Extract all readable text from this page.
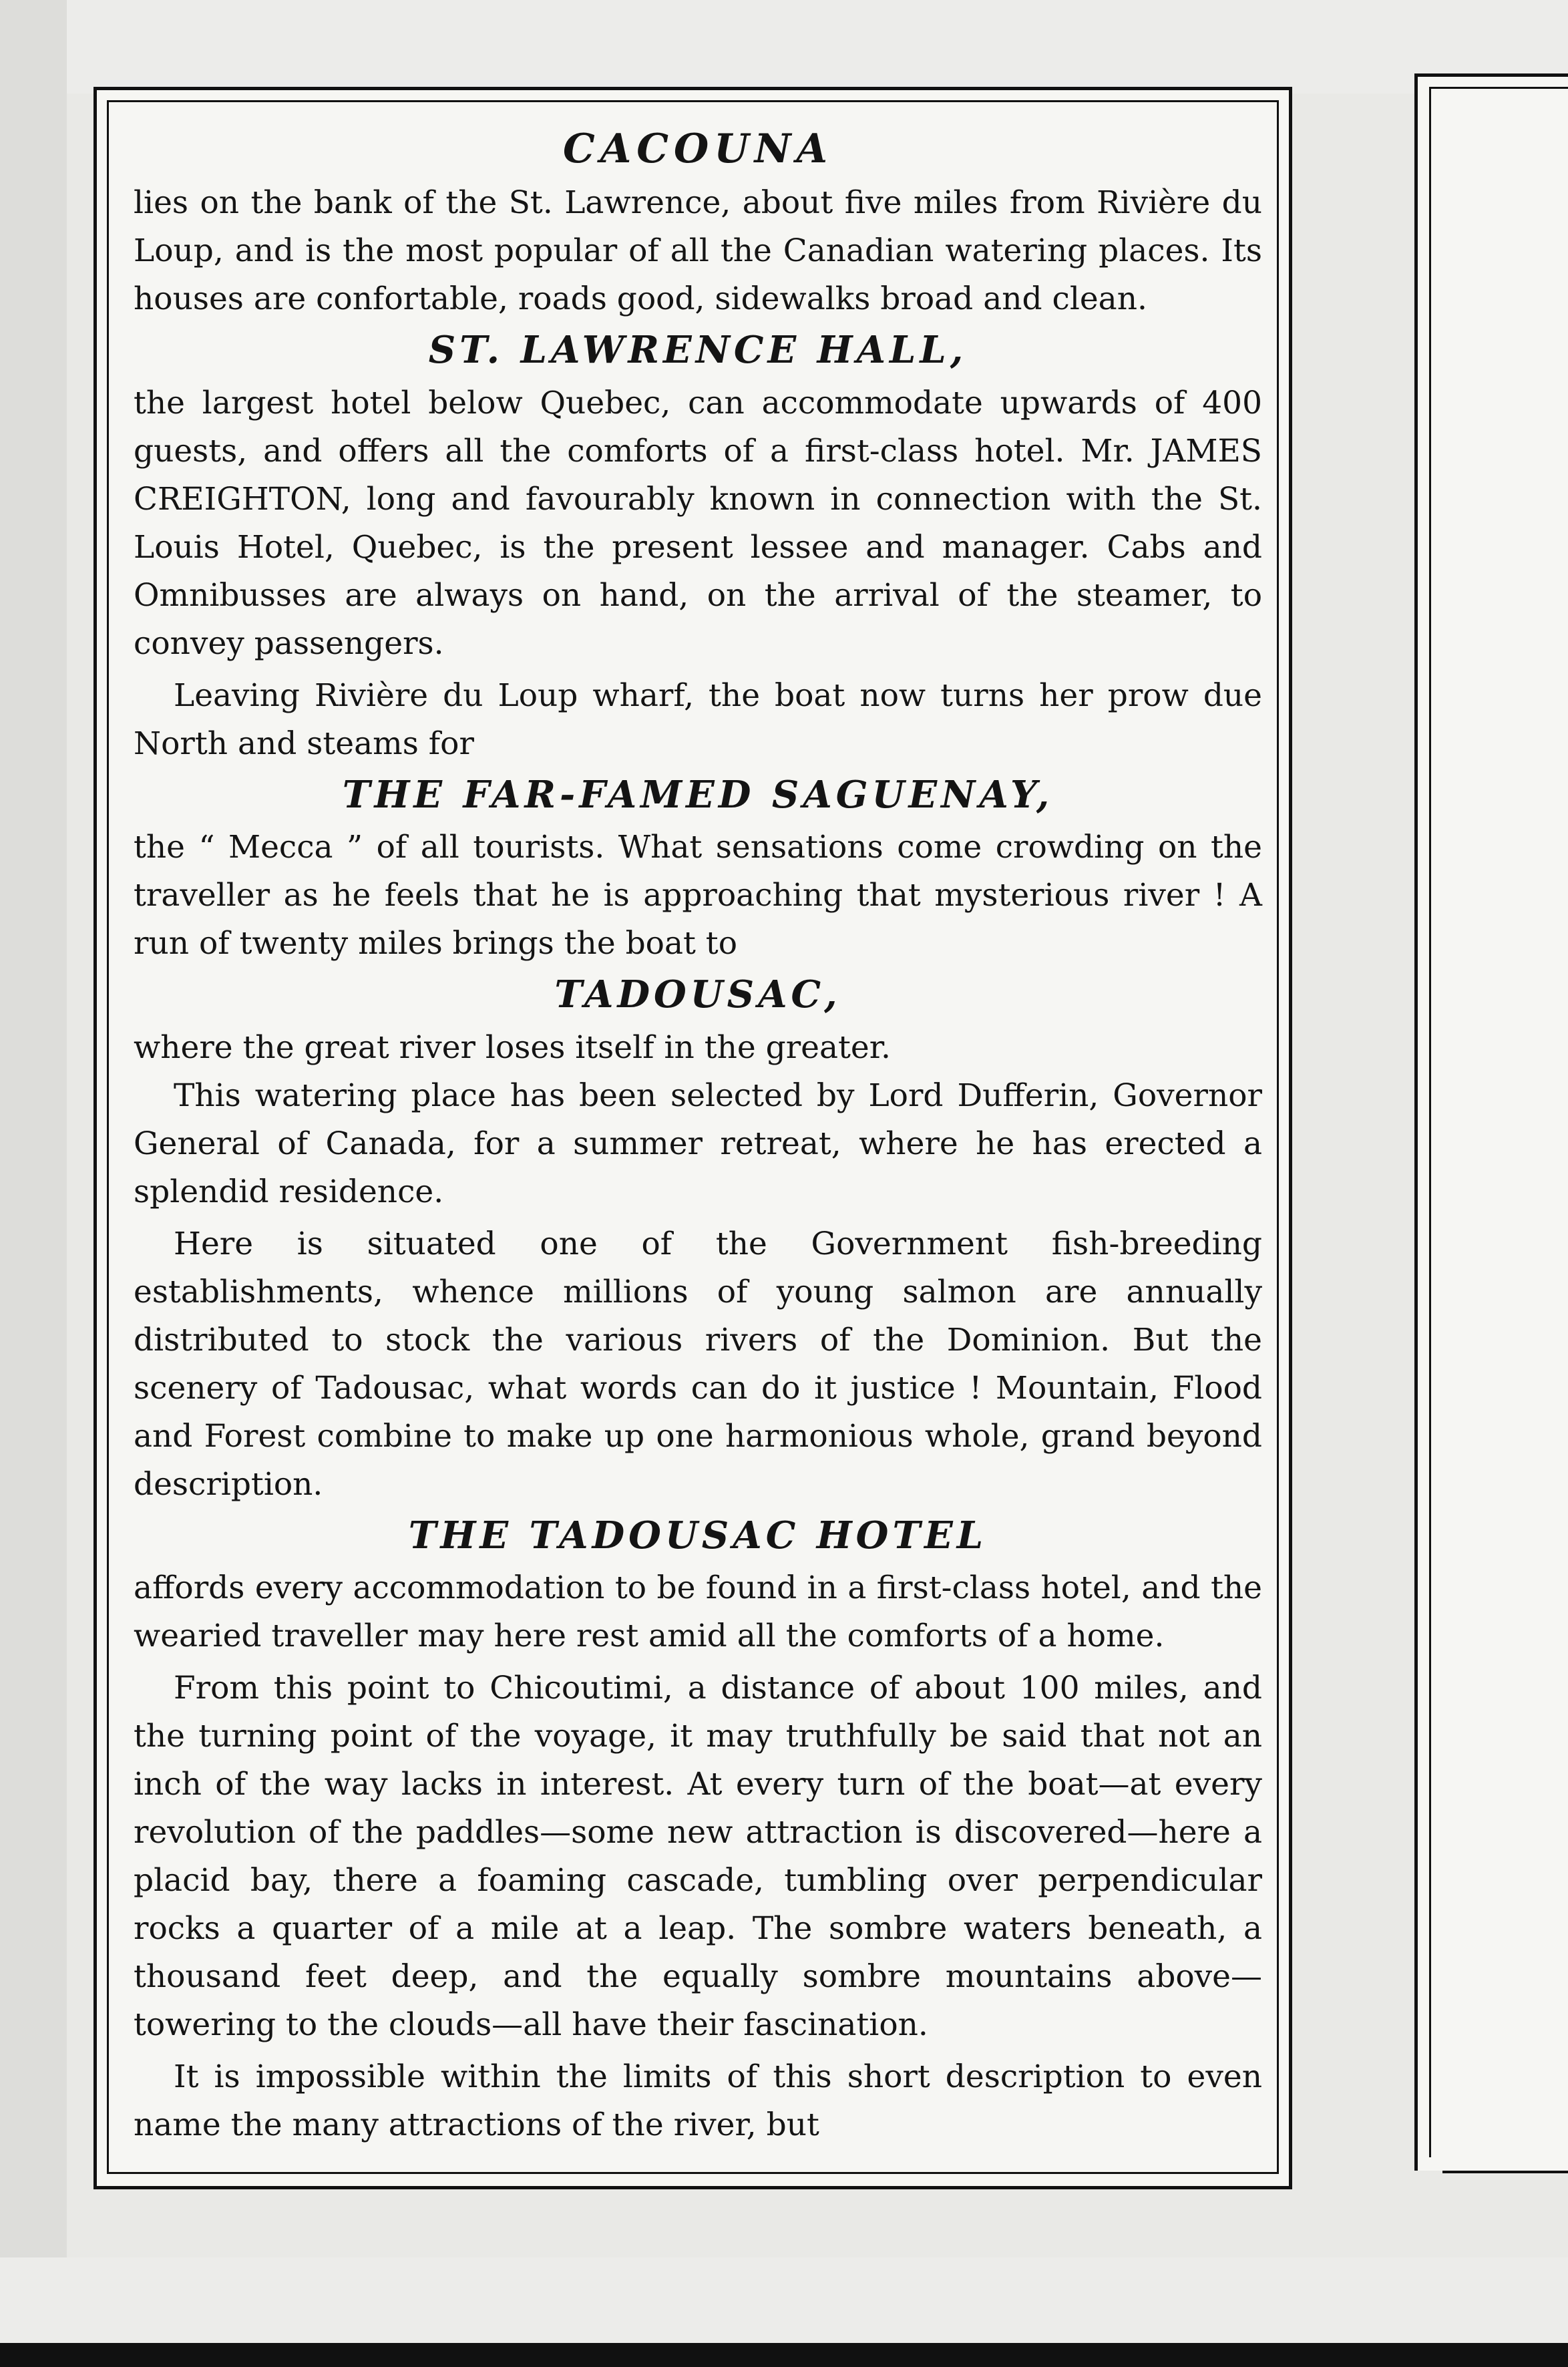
CACOUNA

lies on the bank of the St. Lawrence, about five miles from Rivière du Loup, and is the most popular of all the Canadian watering places. Its houses are confortable, roads good, sidewalks broad and clean.

ST. LAWRENCE HALL,

the largest hotel below Quebec, can accommodate upwards of 400 guests, and offers all the comforts of a first-class hotel. Mr. JAMES CREIGHTON, long and favourably known in connection with the St. Louis Hotel, Quebec, is the present lessee and manager. Cabs and Omnibusses are always on hand, on the arrival of the steamer, to convey passengers.

Leaving Rivière du Loup wharf, the boat now turns her prow due North and steams for

THE FAR-FAMED SAGUENAY,

the “ Mecca ” of all tourists. What sensations come crowding on the traveller as he feels that he is approaching that mysterious river ! A run of twenty miles brings the boat to

TADOUSAC,

where the great river loses itself in the greater.

This watering place has been selected by Lord Dufferin, Governor General of Canada, for a summer retreat, where he has erected a splendid residence.

Here is situated one of the Government fish-breeding establishments, whence millions of young salmon are annually distributed to stock the various rivers of the Dominion. But the scenery of Tadousac, what words can do it justice ! Mountain, Flood and Forest combine to make up one harmonious whole, grand beyond description.

THE TADOUSAC HOTEL

affords every accommodation to be found in a first-class hotel, and the wearied traveller may here rest amid all the comforts of a home.

From this point to Chicoutimi, a distance of about 100 miles, and the turning point of the voyage, it may truthfully be said that not an inch of the way lacks in interest. At every turn of the boat—at every revolution of the paddles—some new attraction is discovered—here a placid bay, there a foaming cascade, tumbling over perpendicular rocks a quarter of a mile at a leap. The sombre waters beneath, a thousand feet deep, and the equally sombre mountains above—towering to the clouds—all have their fascination.

It is impossible within the limits of this short description to even name the many attractions of the river, but
